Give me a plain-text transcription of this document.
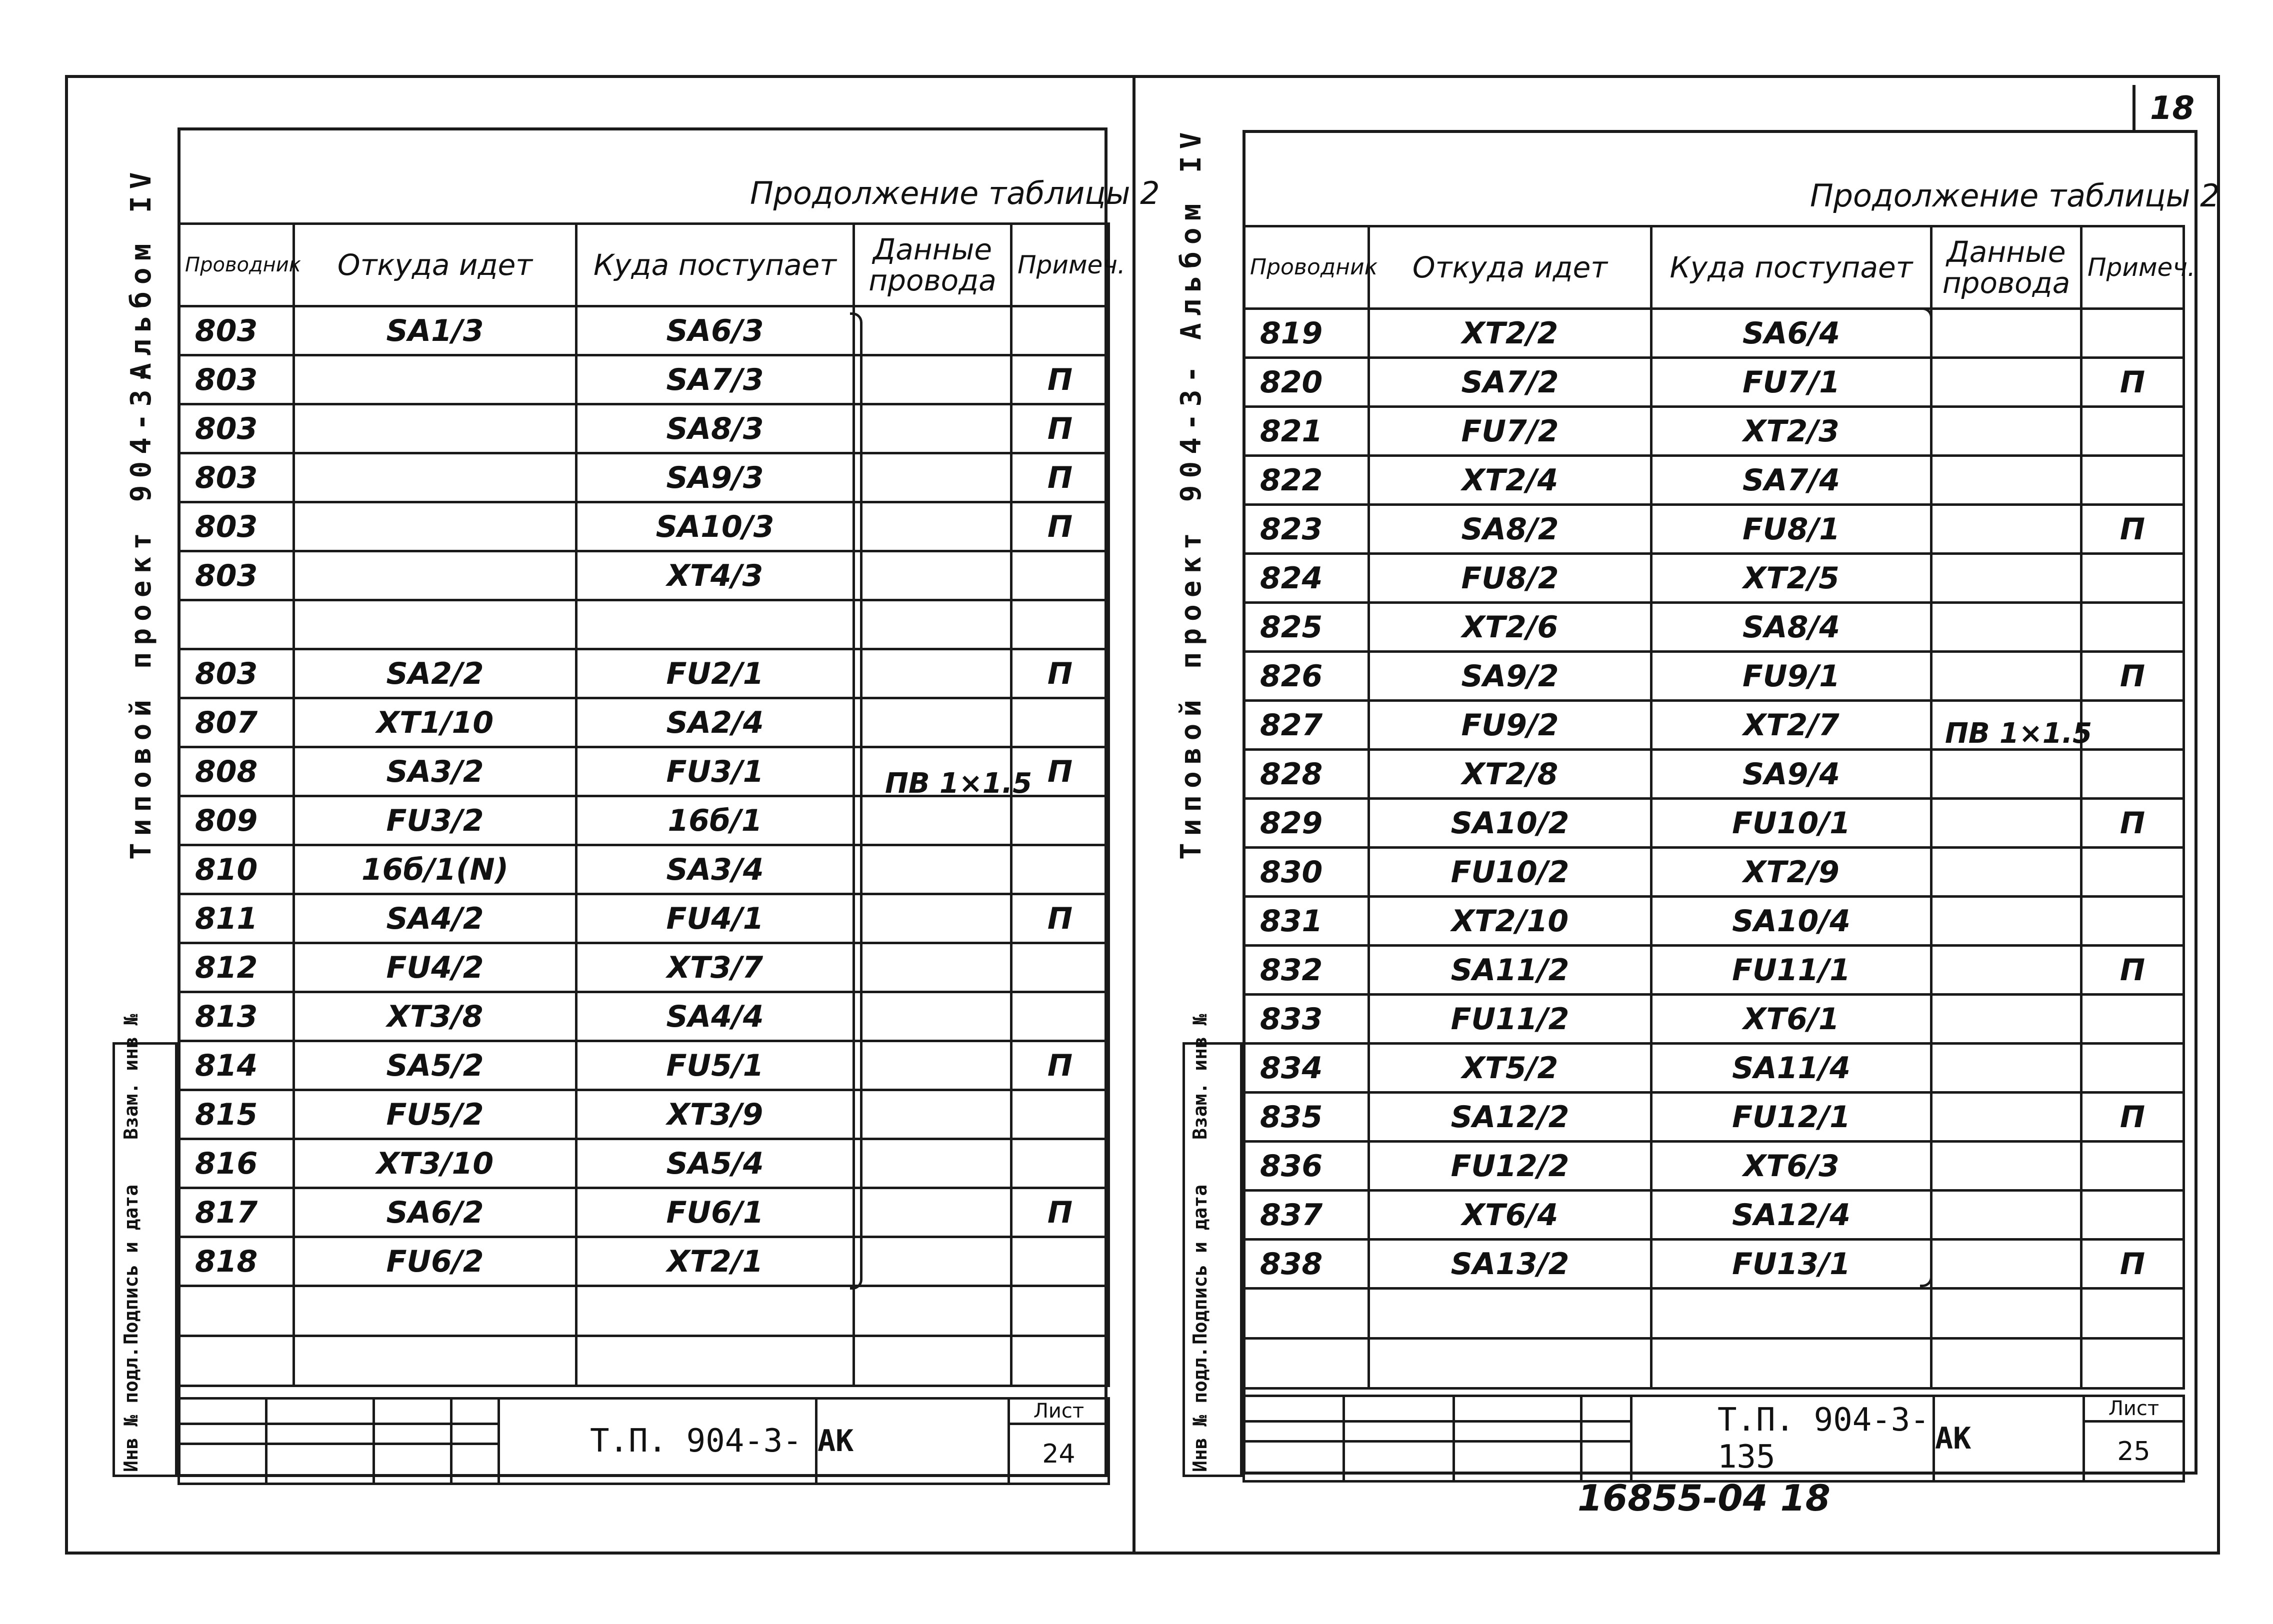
Альбом IV
Типовой проект 904-3-
Инв № подл.
Подпись и дата
Взам. инв №
Продолжение таблицы 2
Проводник	Откуда идет	Куда поступает	Данные провода	Примеч.
803	SA1/3	SA6/3		
803		SA7/3		П
803		SA8/3		П
803		SA9/3		П
803		SA10/3		П
803		XT4/3		

803	SA2/2	FU2/1		П
807	XT1/10	SA2/4		
808	SA3/2	FU3/1		П
809	FU3/2	16б/1		
810	16б/1(N)	SA3/4		
811	SA4/2	FU4/1		П
812	FU4/2	XT3/7		
813	XT3/8	SA4/4		
814	SA5/2	FU5/1		П
815	FU5/2	XT3/9		
816	XT3/10	SA5/4		
817	SA6/2	FU6/1		П
818	FU6/2	XT2/1		

ПВ 1×1.5
				Т.П. 904-3-	АК	Лист
						24

18
Альбом IV
Типовой проект 904-3-
Инв № подл.
Подпись и дата
Взам. инв №
Продолжение таблицы 2
Проводник	Откуда идет	Куда поступает	Данные провода	Примеч.
819	XT2/2	SA6/4		
820	SA7/2	FU7/1		П
821	FU7/2	XT2/3		
822	XT2/4	SA7/4		
823	SA8/2	FU8/1		П
824	FU8/2	XT2/5		
825	XT2/6	SA8/4		
826	SA9/2	FU9/1		П
827	FU9/2	XT2/7		
828	XT2/8	SA9/4		
829	SA10/2	FU10/1		П
830	FU10/2	XT2/9		
831	XT2/10	SA10/4		
832	SA11/2	FU11/1		П
833	FU11/2	XT6/1		
834	XT5/2	SA11/4		
835	SA12/2	FU12/1		П
836	FU12/2	XT6/3		
837	XT6/4	SA12/4		
838	SA13/2	FU13/1		П

ПВ 1×1.5
				Т.П. 904-3-135	АК	Лист
						25

16855-04 18
